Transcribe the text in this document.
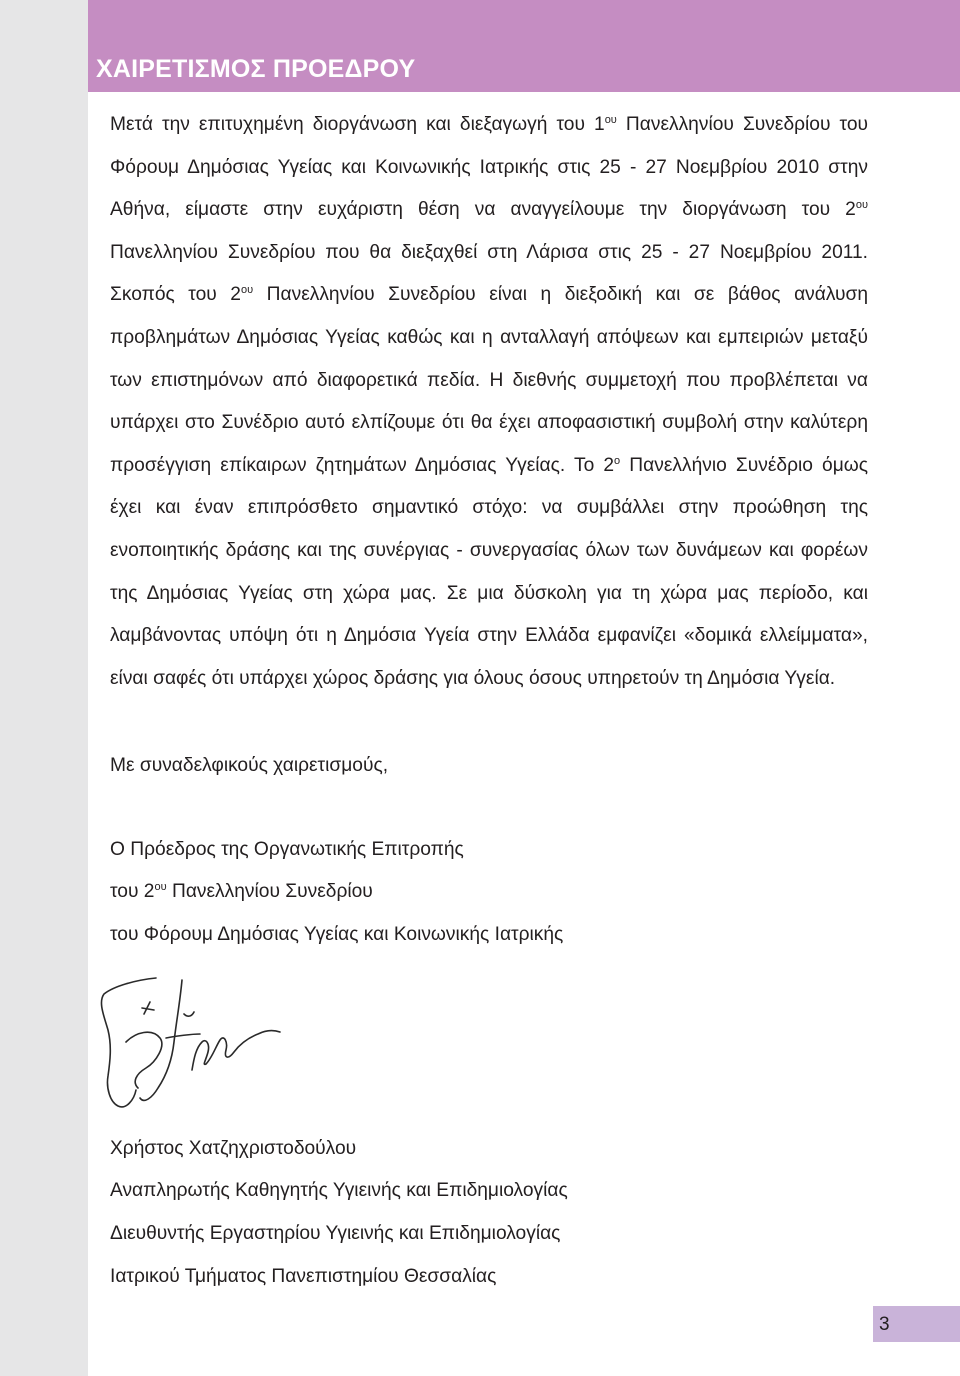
ΧΑΙΡΕΤΙΣΜΟΣ ΠΡΟΕΔΡΟΥ

Μετά την επιτυχημένη διοργάνωση και διεξαγωγή του $1^{o\upsilon}$ Πανελληνίου Συνεδρίου του Φόρουμ Δημόσιας Υγείας και Κοινωνικής Ιατρικής στις 25 - 27 Νοεμβρίου 2010 στην Αθήνα, είμαστε στην ευχάριστη θέση να αναγγείλουμε την διοργάνωση του $2^{o\upsilon}$ Πανελληνίου Συνεδρίου που θα διεξαχθεί στη Λάρισα στις 25 - 27 Νοεμβρίου 2011. Σκοπός του $2^{o\upsilon}$ Πανελληνίου Συνεδρίου είναι η διεξοδική και σε βάθος ανάλυση προβλημάτων Δημόσιας Υγείας καθώς και η ανταλλαγή απόψεων και εμπειριών μεταξύ των επιστημόνων από διαφορετικά πεδία. Η διεθνής συμμετοχή που προβλέπεται να υπάρχει στο Συνέδριο αυτό ελπίζουμε ότι θα έχει αποφασιστική συμβολή στην καλύτερη προσέγγιση επίκαιρων ζητημάτων Δημόσιας Υγείας. Το $2^o$ Πανελλήνιο Συνέδριο όμως έχει και έναν επιπρόσθετο σημαντικό στόχο: να συμβάλλει στην προώθηση της ενοποιητικής δράσης και της συνέργιας - συνεργασίας όλων των δυνάμεων και φορέων της Δημόσιας Υγείας στη χώρα μας. Σε μια δύσκολη για τη χώρα μας περίοδο, και λαμβάνοντας υπόψη ότι η Δημόσια Υγεία στην Ελλάδα εμφανίζει «δομικά ελλείμματα», είναι σαφές ότι υπάρχει χώρος δράσης για όλους όσους υπηρετούν τη Δημόσια Υγεία.

Με συναδελφικούς χαιρετισμούς,

Ο Πρόεδρος της Οργανωτικής Επιτροπής

του $2^{o\upsilon}$ Πανελληνίου Συνεδρίου

του Φόρουμ Δημόσιας Υγείας και Κοινωνικής Ιατρικής

Χρήστος Χατζηχριστοδούλου

Αναπληρωτής Καθηγητής Υγιεινής και Επιδημιολογίας

Διευθυντής Εργαστηρίου Υγιεινής και Επιδημιολογίας

Ιατρικού Τμήματος Πανεπιστημίου Θεσσαλίας

3
